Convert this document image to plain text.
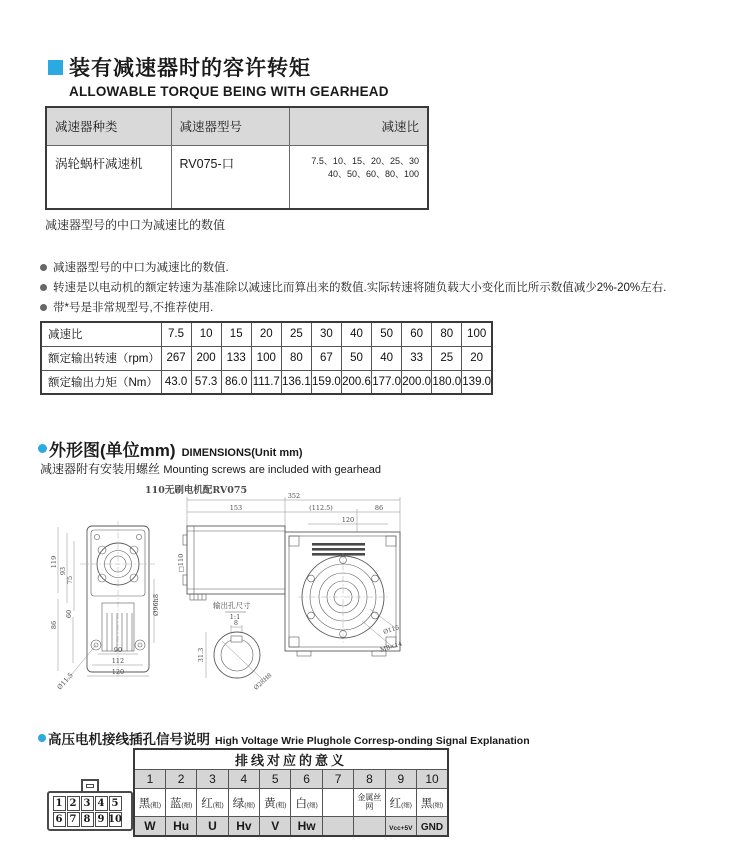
装有减速器时的容许转矩
ALLOWABLE TORQUE BEING WITH GEARHEAD
减速器种类	减速器型号	减速比
涡轮蜗杆减速机	RV075-口	7.5、10、15、20、25、30
40、50、60、80、100
减速器型号的中口为减速比的数值
减速器型号的中口为减速比的数值.
转速是以电动机的额定转速为基准除以减速比而算出来的数值.实际转速将随负载大小变化而比所示数值减少2%-20%左右.
带*号是非常规型号,不推荐使用.
减速比	7.5	10	15	20	25	30	40	50	60	80	100
额定输出转速（rpm）	267	200	133	100	80	67	50	40	33	25	20
额定输出力矩（Nm）	43.0	57.3	86.0	111.7	136.1	159.0	200.6	177.0	200.0	180.0	139.0
外形图(单位mm) DIMENSIONS(Unit mm)
减速器附有安装用螺丝 Mounting screws are included with gearhead
110无刷电机配RV075
119
93
75
86
60	Ø96h8
90
112
120
Ø11.5
352
153	(112.5)	86
120
□110
Ø115
M8×14
输出孔尺寸
1:1
8
Ø28H8
31.3
高压电机接线插孔信号说明 High Voltage Wrie Plughole Corresp-onding Signal Explanation
1 2 3 4 5
6 7 8 9 10
排线对应的意义									
1	2	3	4	5	6	7	8	9	10
黑(粗)	蓝(细)	红(粗)	绿(细)	黄(粗)	白(细)		金属丝网	红(细)	黑(细)
W	Hu	U	Hv	V	Hw			Vcc+5V	GND
